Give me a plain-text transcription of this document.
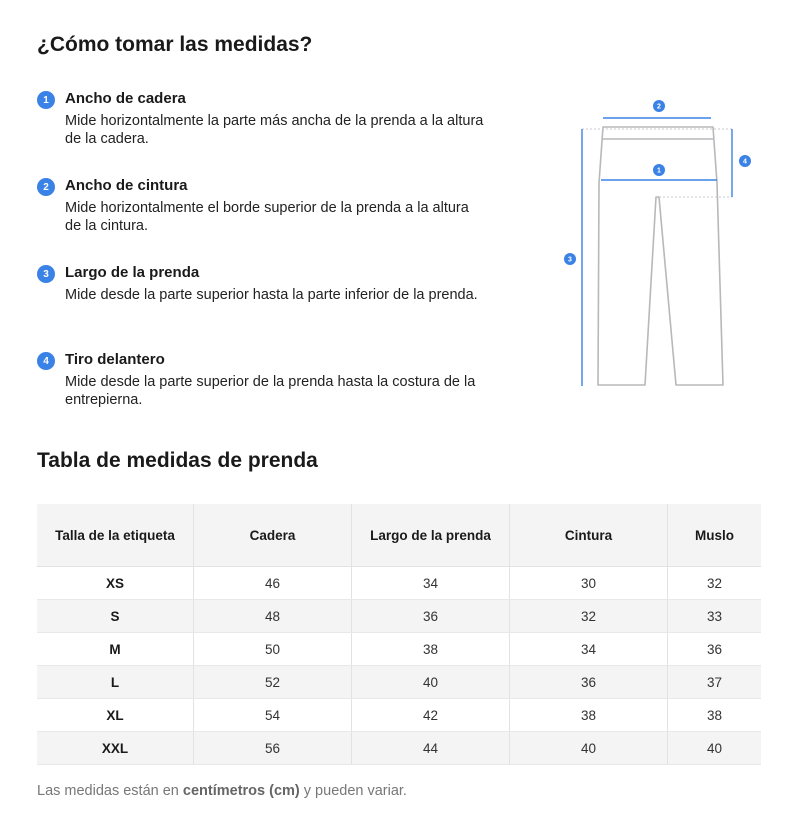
¿Cómo tomar las medidas?
1	Ancho de cadera
Mide horizontalmente la parte más ancha de la prenda a la altura de la cadera.
2	Ancho de cintura
Mide horizontalmente el borde superior de la prenda a la altura de la cintura.
3	Largo de la prenda
Mide desde la parte superior hasta la parte inferior de la prenda.
4	Tiro delantero
Mide desde la parte superior de la prenda hasta la costura de la entrepierna.
2
1
3
4
Tabla de medidas de prenda
Talla de la etiqueta	Cadera	Largo de la prenda	Cintura	Muslo
XS	46	34	30	32
S	48	36	32	33
M	50	38	34	36
L	52	40	36	37
XL	54	42	38	38
XXL	56	44	40	40
Las medidas están en centímetros (cm) y pueden variar.
